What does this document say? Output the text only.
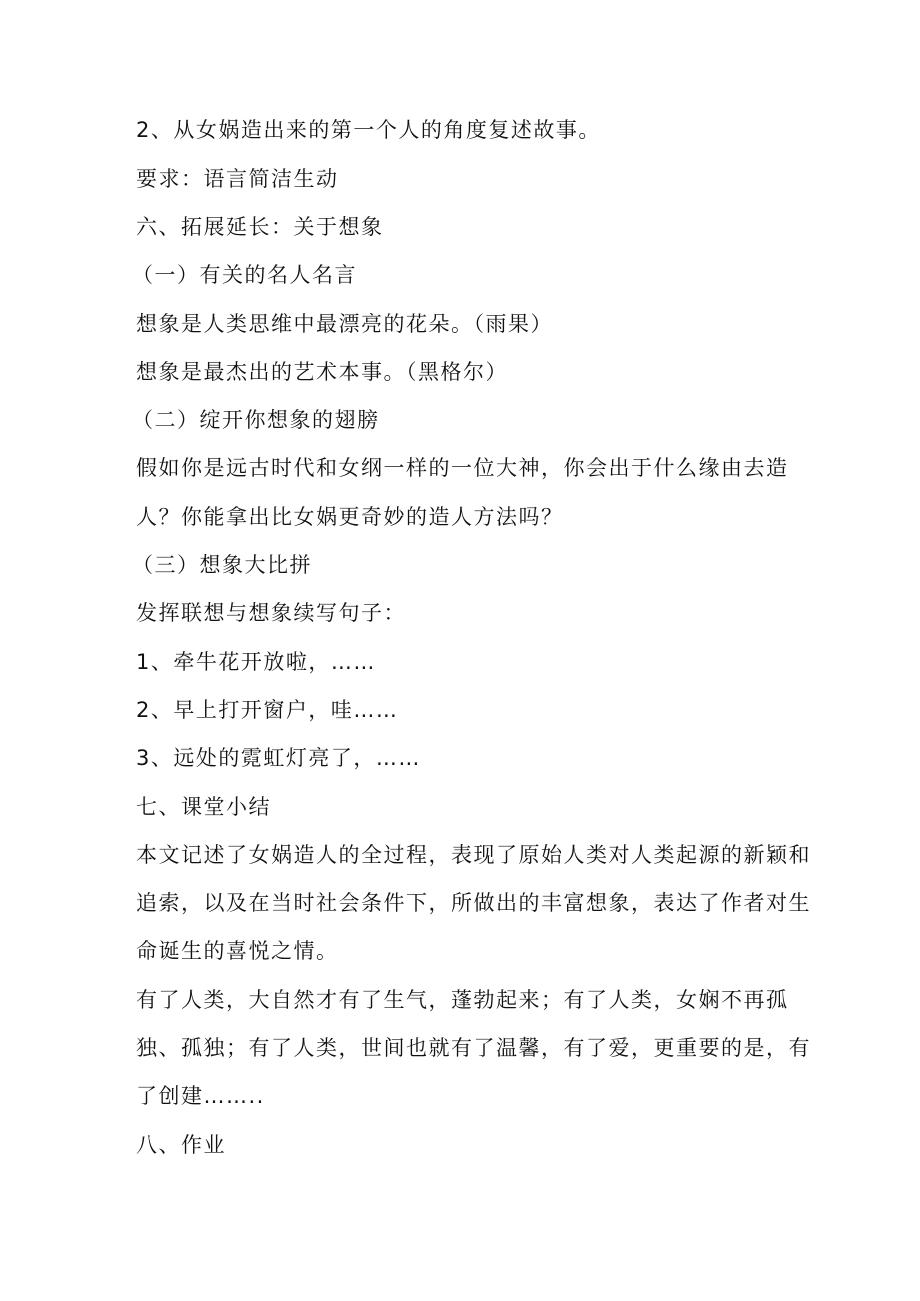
2、从女娲造出来的第一个人的角度复述故事。
要求：语言简洁生动
六、拓展延长：关于想象
（一）有关的名人名言
想象是人类思维中最漂亮的花朵。（雨果）
想象是最杰出的艺术本事。（黑格尔）
（二）绽开你想象的翅膀
假如你是远古时代和女纲一样的一位大神，你会出于什么缘由去造
人？你能拿出比女娲更奇妙的造人方法吗？
（三）想象大比拼
发挥联想与想象续写句子：
1、牵牛花开放啦，……
2、早上打开窗户，哇……
3、远处的霓虹灯亮了，……
七、课堂小结
本文记述了女娲造人的全过程，表现了原始人类对人类起源的新颖和
追索，以及在当时社会条件下，所做出的丰富想象，表达了作者对生
命诞生的喜悦之情。
有了人类，大自然才有了生气，蓬勃起来；有了人类，女娴不再孤
独、孤独；有了人类，世间也就有了温馨，有了爱，更重要的是，有
了创建……..
八、作业
